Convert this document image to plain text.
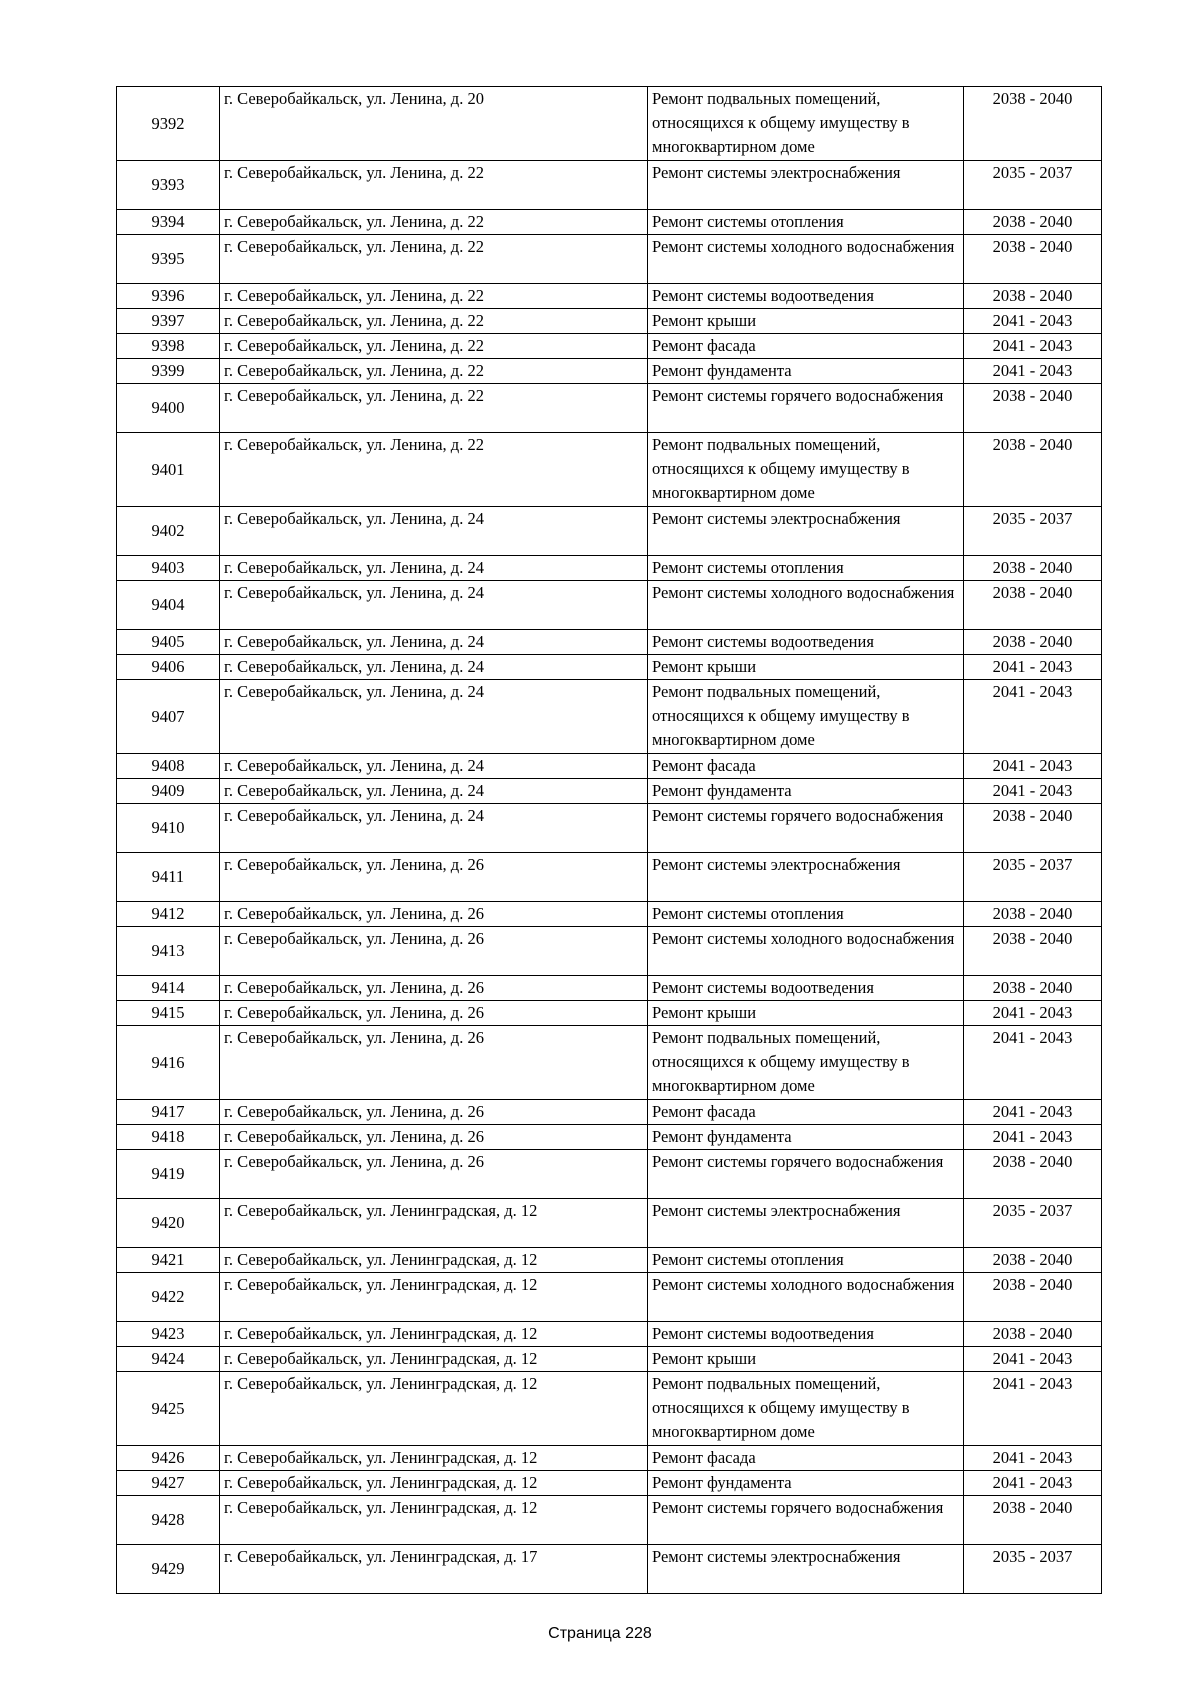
9392	г. Северобайкальск, ул. Ленина, д. 20	Ремонт подвальных помещений, относящихся к общему имуществу в многоквартирном доме	2038 - 2040
9393	г. Северобайкальск, ул. Ленина, д. 22	Ремонт системы электроснабжения	2035 - 2037
9394	г. Северобайкальск, ул. Ленина, д. 22	Ремонт системы отопления	2038 - 2040
9395	г. Северобайкальск, ул. Ленина, д. 22	Ремонт системы холодного водоснабжения	2038 - 2040
9396	г. Северобайкальск, ул. Ленина, д. 22	Ремонт системы водоотведения	2038 - 2040
9397	г. Северобайкальск, ул. Ленина, д. 22	Ремонт крыши	2041 - 2043
9398	г. Северобайкальск, ул. Ленина, д. 22	Ремонт фасада	2041 - 2043
9399	г. Северобайкальск, ул. Ленина, д. 22	Ремонт фундамента	2041 - 2043
9400	г. Северобайкальск, ул. Ленина, д. 22	Ремонт системы горячего водоснабжения	2038 - 2040
9401	г. Северобайкальск, ул. Ленина, д. 22	Ремонт подвальных помещений, относящихся к общему имуществу в многоквартирном доме	2038 - 2040
9402	г. Северобайкальск, ул. Ленина, д. 24	Ремонт системы электроснабжения	2035 - 2037
9403	г. Северобайкальск, ул. Ленина, д. 24	Ремонт системы отопления	2038 - 2040
9404	г. Северобайкальск, ул. Ленина, д. 24	Ремонт системы холодного водоснабжения	2038 - 2040
9405	г. Северобайкальск, ул. Ленина, д. 24	Ремонт системы водоотведения	2038 - 2040
9406	г. Северобайкальск, ул. Ленина, д. 24	Ремонт крыши	2041 - 2043
9407	г. Северобайкальск, ул. Ленина, д. 24	Ремонт подвальных помещений, относящихся к общему имуществу в многоквартирном доме	2041 - 2043
9408	г. Северобайкальск, ул. Ленина, д. 24	Ремонт фасада	2041 - 2043
9409	г. Северобайкальск, ул. Ленина, д. 24	Ремонт фундамента	2041 - 2043
9410	г. Северобайкальск, ул. Ленина, д. 24	Ремонт системы горячего водоснабжения	2038 - 2040
9411	г. Северобайкальск, ул. Ленина, д. 26	Ремонт системы электроснабжения	2035 - 2037
9412	г. Северобайкальск, ул. Ленина, д. 26	Ремонт системы отопления	2038 - 2040
9413	г. Северобайкальск, ул. Ленина, д. 26	Ремонт системы холодного водоснабжения	2038 - 2040
9414	г. Северобайкальск, ул. Ленина, д. 26	Ремонт системы водоотведения	2038 - 2040
9415	г. Северобайкальск, ул. Ленина, д. 26	Ремонт крыши	2041 - 2043
9416	г. Северобайкальск, ул. Ленина, д. 26	Ремонт подвальных помещений, относящихся к общему имуществу в многоквартирном доме	2041 - 2043
9417	г. Северобайкальск, ул. Ленина, д. 26	Ремонт фасада	2041 - 2043
9418	г. Северобайкальск, ул. Ленина, д. 26	Ремонт фундамента	2041 - 2043
9419	г. Северобайкальск, ул. Ленина, д. 26	Ремонт системы горячего водоснабжения	2038 - 2040
9420	г. Северобайкальск, ул. Ленинградская, д. 12	Ремонт системы электроснабжения	2035 - 2037
9421	г. Северобайкальск, ул. Ленинградская, д. 12	Ремонт системы отопления	2038 - 2040
9422	г. Северобайкальск, ул. Ленинградская, д. 12	Ремонт системы холодного водоснабжения	2038 - 2040
9423	г. Северобайкальск, ул. Ленинградская, д. 12	Ремонт системы водоотведения	2038 - 2040
9424	г. Северобайкальск, ул. Ленинградская, д. 12	Ремонт крыши	2041 - 2043
9425	г. Северобайкальск, ул. Ленинградская, д. 12	Ремонт подвальных помещений, относящихся к общему имуществу в многоквартирном доме	2041 - 2043
9426	г. Северобайкальск, ул. Ленинградская, д. 12	Ремонт фасада	2041 - 2043
9427	г. Северобайкальск, ул. Ленинградская, д. 12	Ремонт фундамента	2041 - 2043
9428	г. Северобайкальск, ул. Ленинградская, д. 12	Ремонт системы горячего водоснабжения	2038 - 2040
9429	г. Северобайкальск, ул. Ленинградская, д. 17	Ремонт системы электроснабжения	2035 - 2037
Страница 228
